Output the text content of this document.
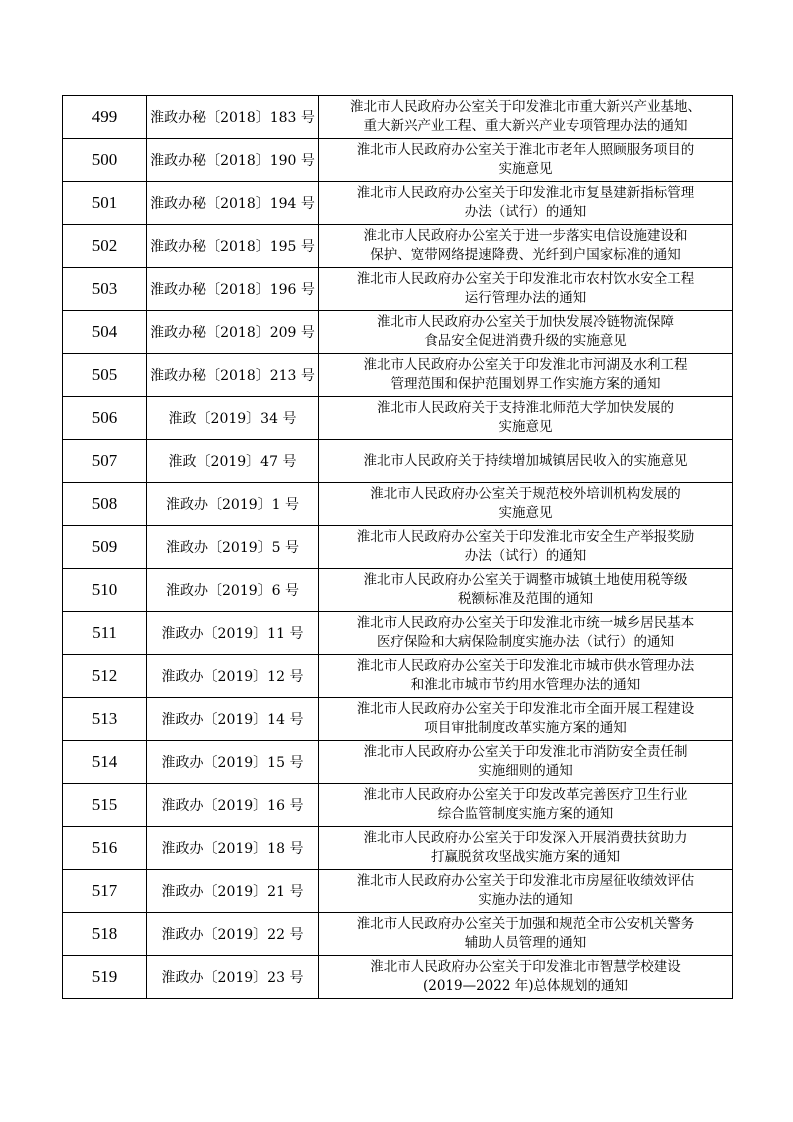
499	淮政办秘〔2018〕183 号	淮北市人民政府办公室关于印发淮北市重大新兴产业基地、
重大新兴产业工程、重大新兴产业专项管理办法的通知

500	淮政办秘〔2018〕190 号	淮北市人民政府办公室关于淮北市老年人照顾服务项目的
实施意见

501	淮政办秘〔2018〕194 号	淮北市人民政府办公室关于印发淮北市复垦建新指标管理
办法（试行）的通知

502	淮政办秘〔2018〕195 号	淮北市人民政府办公室关于进一步落实电信设施建设和
保护、宽带网络提速降费、光纤到户国家标准的通知

503	淮政办秘〔2018〕196 号	淮北市人民政府办公室关于印发淮北市农村饮水安全工程
运行管理办法的通知

504	淮政办秘〔2018〕209 号	淮北市人民政府办公室关于加快发展冷链物流保障
食品安全促进消费升级的实施意见

505	淮政办秘〔2018〕213 号	淮北市人民政府办公室关于印发淮北市河湖及水利工程
管理范围和保护范围划界工作实施方案的通知

506	淮政〔2019〕34 号	淮北市人民政府关于支持淮北师范大学加快发展的
实施意见

507	淮政〔2019〕47 号	淮北市人民政府关于持续增加城镇居民收入的实施意见

508	淮政办〔2019〕1 号	淮北市人民政府办公室关于规范校外培训机构发展的
实施意见

509	淮政办〔2019〕5 号	淮北市人民政府办公室关于印发淮北市安全生产举报奖励
办法（试行）的通知

510	淮政办〔2019〕6 号	淮北市人民政府办公室关于调整市城镇土地使用税等级
税额标准及范围的通知

511	淮政办〔2019〕11 号	淮北市人民政府办公室关于印发淮北市统一城乡居民基本
医疗保险和大病保险制度实施办法（试行）的通知

512	淮政办〔2019〕12 号	淮北市人民政府办公室关于印发淮北市城市供水管理办法
和淮北市城市节约用水管理办法的通知

513	淮政办〔2019〕14 号	淮北市人民政府办公室关于印发淮北市全面开展工程建设
项目审批制度改革实施方案的通知

514	淮政办〔2019〕15 号	淮北市人民政府办公室关于印发淮北市消防安全责任制
实施细则的通知

515	淮政办〔2019〕16 号	淮北市人民政府办公室关于印发改革完善医疗卫生行业
综合监管制度实施方案的通知

516	淮政办〔2019〕18 号	淮北市人民政府办公室关于印发深入开展消费扶贫助力
打赢脱贫攻坚战实施方案的通知

517	淮政办〔2019〕21 号	淮北市人民政府办公室关于印发淮北市房屋征收绩效评估
实施办法的通知

518	淮政办〔2019〕22 号	淮北市人民政府办公室关于加强和规范全市公安机关警务
辅助人员管理的通知

519	淮政办〔2019〕23 号	淮北市人民政府办公室关于印发淮北市智慧学校建设
(2019—2022 年)总体规划的通知
